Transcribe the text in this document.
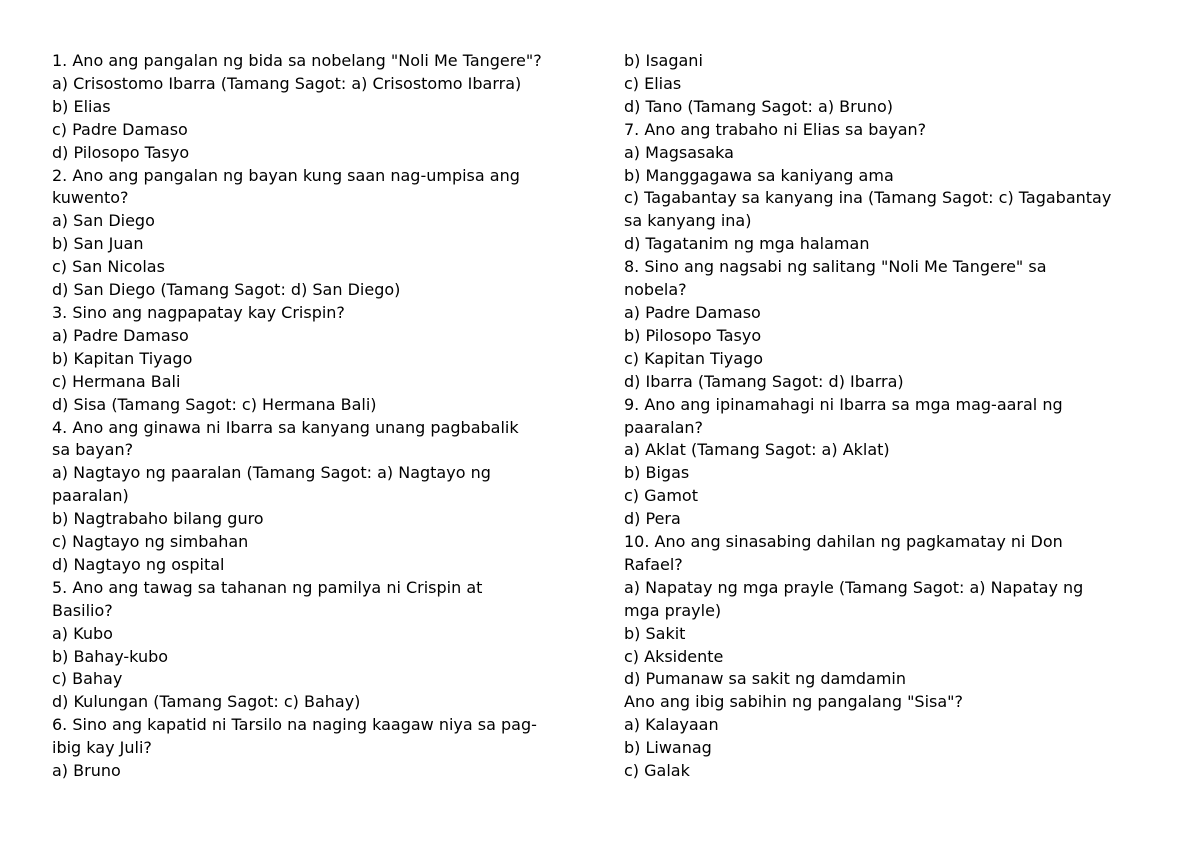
1. Ano ang pangalan ng bida sa nobelang "Noli Me Tangere"?
a) Crisostomo Ibarra (Tamang Sagot: a) Crisostomo Ibarra)
b) Elias
c) Padre Damaso
d) Pilosopo Tasyo
2. Ano ang pangalan ng bayan kung saan nag-umpisa ang
kuwento?
a) San Diego
b) San Juan
c) San Nicolas
d) San Diego (Tamang Sagot: d) San Diego)
3. Sino ang nagpapatay kay Crispin?
a) Padre Damaso
b) Kapitan Tiyago
c) Hermana Bali
d) Sisa (Tamang Sagot: c) Hermana Bali)
4. Ano ang ginawa ni Ibarra sa kanyang unang pagbabalik
sa bayan?
a) Nagtayo ng paaralan (Tamang Sagot: a) Nagtayo ng
paaralan)
b) Nagtrabaho bilang guro
c) Nagtayo ng simbahan
d) Nagtayo ng ospital
5. Ano ang tawag sa tahanan ng pamilya ni Crispin at
Basilio?
a) Kubo
b) Bahay-kubo
c) Bahay
d) Kulungan (Tamang Sagot: c) Bahay)
6. Sino ang kapatid ni Tarsilo na naging kaagaw niya sa pag-
ibig kay Juli?
a) Bruno
b) Isagani
c) Elias
d) Tano (Tamang Sagot: a) Bruno)
7. Ano ang trabaho ni Elias sa bayan?
a) Magsasaka
b) Manggagawa sa kaniyang ama
c) Tagabantay sa kanyang ina (Tamang Sagot: c) Tagabantay
sa kanyang ina)
d) Tagatanim ng mga halaman
8. Sino ang nagsabi ng salitang "Noli Me Tangere" sa
nobela?
a) Padre Damaso
b) Pilosopo Tasyo
c) Kapitan Tiyago
d) Ibarra (Tamang Sagot: d) Ibarra)
9. Ano ang ipinamahagi ni Ibarra sa mga mag-aaral ng
paaralan?
a) Aklat (Tamang Sagot: a) Aklat)
b) Bigas
c) Gamot
d) Pera
10. Ano ang sinasabing dahilan ng pagkamatay ni Don
Rafael?
a) Napatay ng mga prayle (Tamang Sagot: a) Napatay ng
mga prayle)
b) Sakit
c) Aksidente
d) Pumanaw sa sakit ng damdamin
Ano ang ibig sabihin ng pangalang "Sisa"?
a) Kalayaan
b) Liwanag
c) Galak
